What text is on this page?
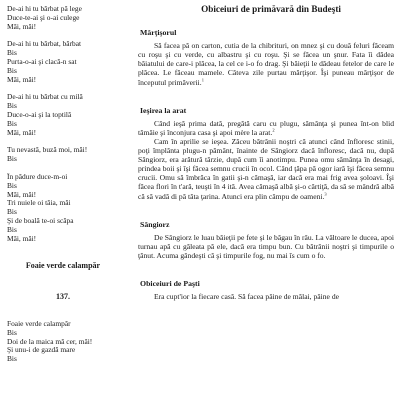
De-ai hi tu bărbat pă lege
Duce-te-ai şi o-ai culege
Măi, măi!
De-ai hi tu bărbat, bărbat
Bis
Purta-o-ai şi clacă-n sat
Bis
Măi, măi!
De-ai hi tu bărbat cu milă
Bis
Duce-o-ai şi la toptilă
Bis
Măi, măi!
Tu nevastă, buză moi, măi!
Bis
În pădure duce-m-oi
Bis
Măi, măi!
Tri nuiele oi tăia, măi
Bis
Şi de boală te-oi scăpa
Bis
Măi, măi!
Foaie verde calampăr
137.
Foaie verde calampăr
Bis
Doi de la maica mă cer, măi!
Şi unu-i de gazdă mare
Bis
Obiceiuri de primăvară din Budeşti
Mărţişorul

Să facea pă on carton, cutia de la chibrituri, on mnez şi cu două feluri făceam cu roşu şi cu verde, cu albastru şi cu roşu. Şi se făcea un şnur. Fata îi dădea băiatului de care-i plăcea, la cel ce i-o fo drag. Şi băieţii le dădeau fetelor de care le plăcea. Le făceau mamele. Câteva zile purtau mărţişor. Îşi puneau mărţişor de începutul primăverii.$^1$

Ieşirea la arat

Când ieşă prima dată, pregătă caru cu plugu, sămânţa şi punea înt-on blid tămâie şi înconjura casa şi apoi mère la arat.$^2$

Cam în aprilie se ieşea. Zăceu bătrânii noştri că atunci când înfloresc stinii, poţi împlânta plugu-n pământ, înainte de Sângiorz dacă înfloresc, dacă nu, după Sângiorz, era arătură târzie, după cum îi anotimpu. Punea omu sămânţa în desagi, prindea boii şi îşi făcea semnu crucii în ocol. Când ţăpa pă ogor iară îşi făcea semnu crucii. Omu să îmbrăca în gatii şi-n cămaşă, iar dacă era mai frig avea şoloavi. Îşi făcea flori în t'ară, teuşti în 4 ită. Avea cămaşă albă şi-o cărtiţă, da să se mândră albă că să vadă di pă tăta ţarina. Atunci era plin câmpu de oameni.$^3$

Sângiorz

De Sângiorz le luau băieţii pe fete şi le băgau în râu. La vâltoare le ducea, apoi turnau apă cu găleata pă ele, dacă era timpu bun. Cu bătrânii noştri şi timpurile o ţănut. Acuma gândeşti că şi timpurile fog, nu mai îs cum o fo.

Obiceiuri de Paşti

Era cupt'ior la fiecare casă. Să facea pâine de mălai, pâine de
